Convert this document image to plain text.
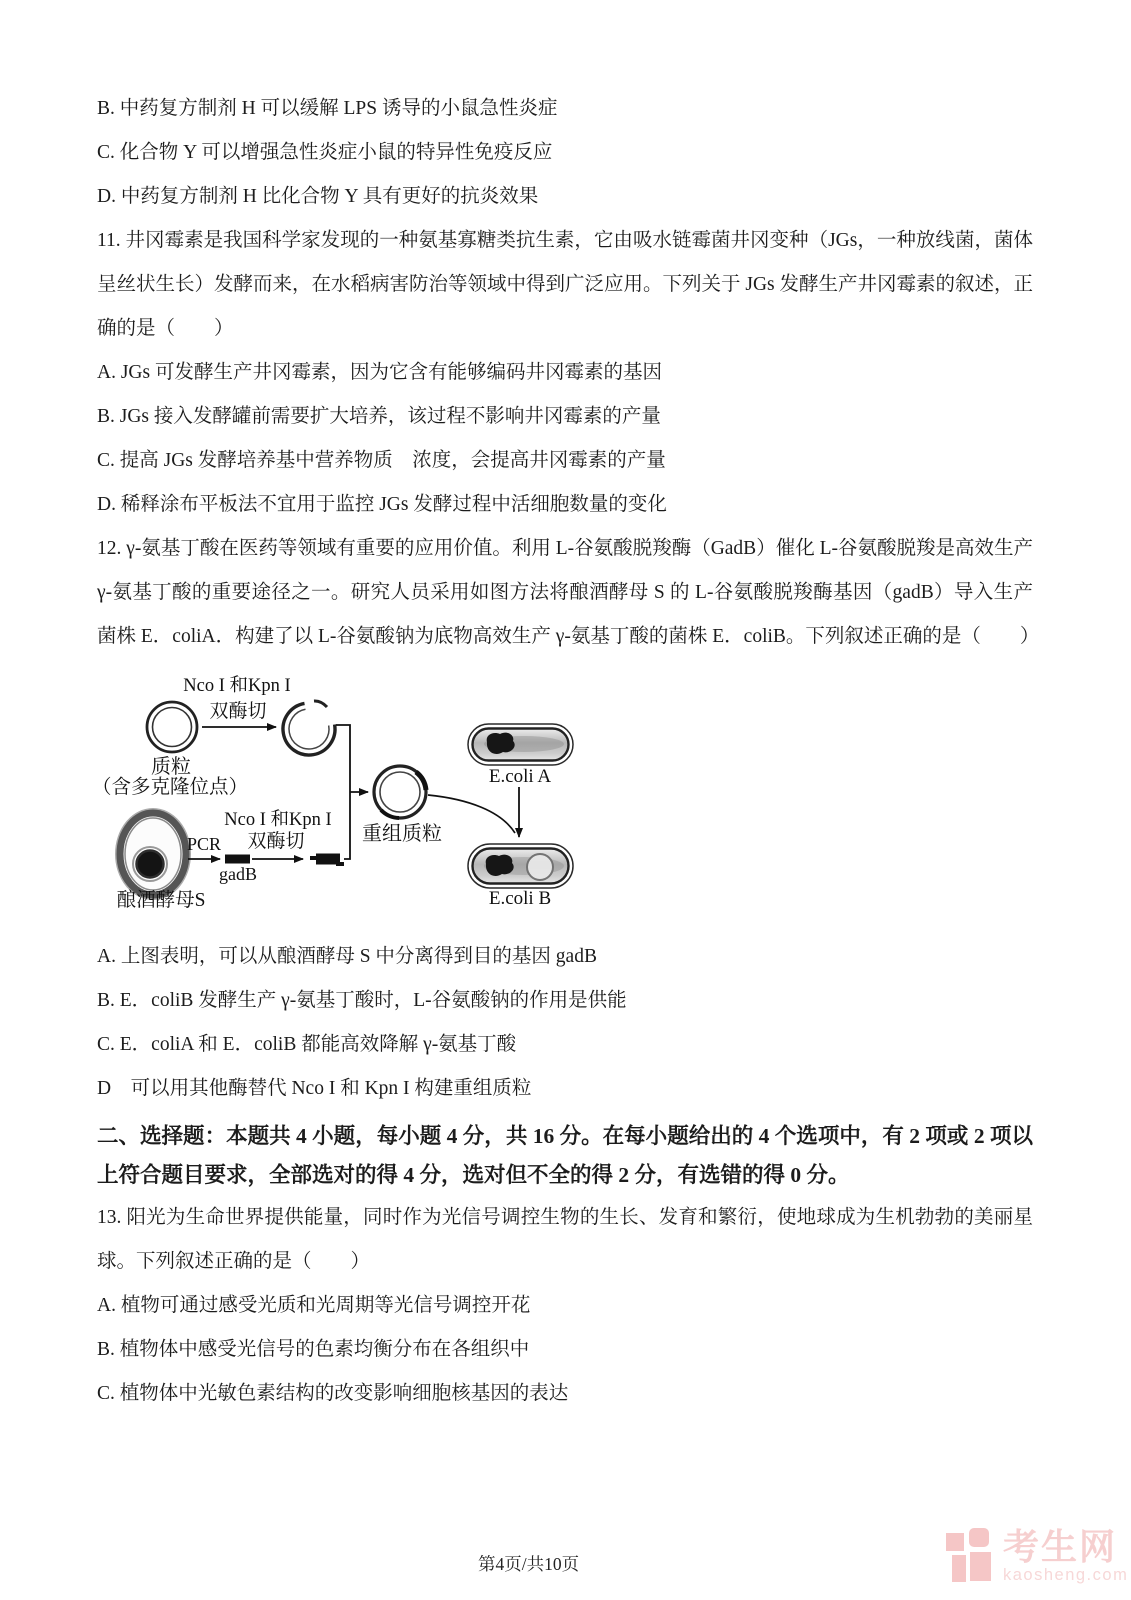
B. 中药复方制剂 H 可以缓解 LPS 诱导的小鼠急性炎症

C. 化合物 Y 可以增强急性炎症小鼠的特异性免疫反应

D. 中药复方制剂 H 比化合物 Y 具有更好的抗炎效果

11. 井冈霉素是我国科学家发现的一种氨基寡糖类抗生素，它由吸水链霉菌井冈变种（JGs，一种放线菌，菌体呈丝状生长）发酵而来，在水稻病害防治等领域中得到广泛应用。下列关于 JGs 发酵生产井冈霉素的叙述，正确的是（　　）

A. JGs 可发酵生产井冈霉素，因为它含有能够编码井冈霉素的基因

B. JGs 接入发酵罐前需要扩大培养，该过程不影响井冈霉素的产量

C. 提高 JGs 发酵培养基中营养物质　浓度，会提高井冈霉素的产量

D. 稀释涂布平板法不宜用于监控 JGs 发酵过程中活细胞数量的变化

12. γ-氨基丁酸在医药等领域有重要的应用价值。利用 L-谷氨酸脱羧酶（GadB）催化 L-谷氨酸脱羧是高效生产 γ-氨基丁酸的重要途径之一。研究人员采用如图方法将酿酒酵母 S 的 L-谷氨酸脱羧酶基因（gadB）导入生产菌株 E．coliA．构建了以 L-谷氨酸钠为底物高效生产 γ-氨基丁酸的菌株 E．coliB。下列叙述正确的是（　　）

Nco I 和Kpn I
双酶切
质粒
（含多克隆位点）
Nco I 和Kpn I
双酶切
PCR
gadB
酿酒酵母S
重组质粒
E.coli A
E.coli B

A. 上图表明，可以从酿酒酵母 S 中分离得到目的基因 gadB

B. E．coliB 发酵生产 γ-氨基丁酸时，L-谷氨酸钠的作用是供能

C. E．coliA 和 E．coliB 都能高效降解 γ-氨基丁酸

D　可以用其他酶替代 Nco I 和 Kpn I 构建重组质粒

二、选择题：本题共 4 小题，每小题 4 分，共 16 分。在每小题给出的 4 个选项中，有 2 项或 2 项以上符合题目要求，全部选对的得 4 分，选对但不全的得 2 分，有选错的得 0 分。

13. 阳光为生命世界提供能量，同时作为光信号调控生物的生长、发育和繁衍，使地球成为生机勃勃的美丽星球。下列叙述正确的是（　　）

A. 植物可通过感受光质和光周期等光信号调控开花

B. 植物体中感受光信号的色素均衡分布在各组织中

C. 植物体中光敏色素结构的改变影响细胞核基因的表达

第4页/共10页	考生网
kaosheng.com
